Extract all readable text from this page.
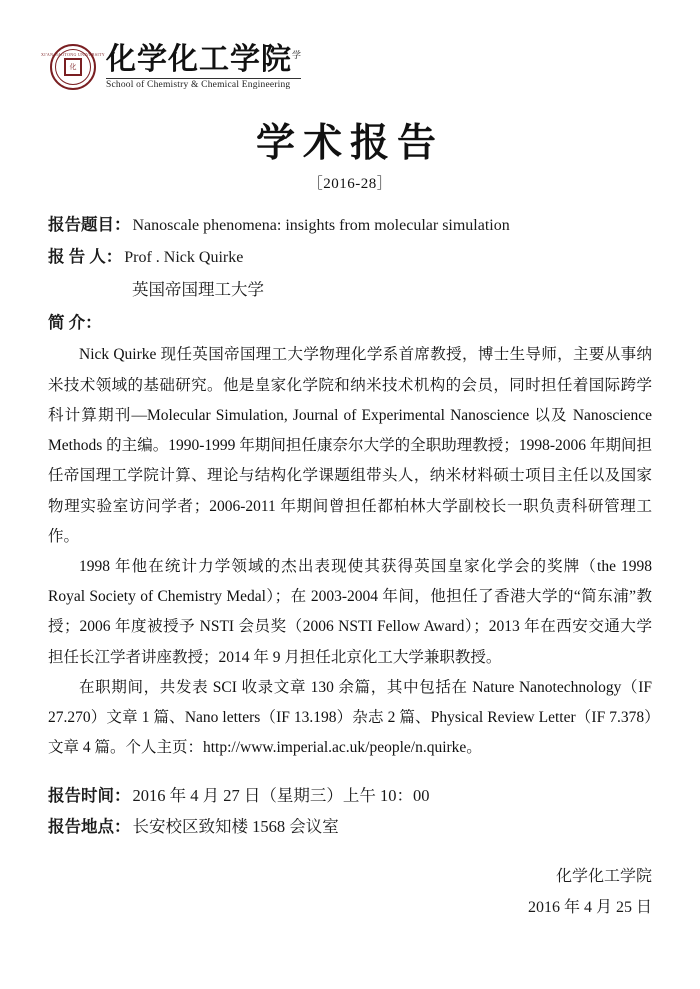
XI'AN JIAOTONG UNIVERSITY
化 化学化工学院$^学$
School of Chemistry & Chemical Engineering
学术报告
［2016-28］
报告题目： Nanoscale phenomena: insights from molecular simulation
报 告 人： Prof . Nick Quirke
英国帝国理工大学
简 介：

Nick Quirke 现任英国帝国理工大学物理化学系首席教授，博士生导师，主要从事纳米技术领域的基础研究。他是皇家化学院和纳米技术机构的会员，同时担任着国际跨学科计算期刊—Molecular Simulation, Journal of Experimental Nanoscience 以及 Nanoscience Methods 的主编。1990-1999 年期间担任康奈尔大学的全职助理教授；1998-2006 年期间担任帝国理工学院计算、理论与结构化学课题组带头人，纳米材料硕士项目主任以及国家物理实验室访问学者；2006-2011 年期间曾担任都柏林大学副校长一职负责科研管理工作。

1998 年他在统计力学领域的杰出表现使其获得英国皇家化学会的奖牌（the 1998 Royal Society of Chemistry Medal）；在 2003-2004 年间，他担任了香港大学的“简东浦”教授；2006 年度被授予 NSTI 会员奖（2006 NSTI Fellow Award）；2013 年在西安交通大学担任长江学者讲座教授；2014 年 9 月担任北京化工大学兼职教授。

在职期间，共发表 SCI 收录文章 130 余篇，其中包括在 Nature Nanotechnology（IF 27.270）文章 1 篇、Nano letters（IF 13.198）杂志 2 篇、Physical Review Letter（IF 7.378）文章 4 篇。个人主页：http://www.imperial.ac.uk/people/n.quirke。

报告时间： 2016 年 4 月 27 日（星期三）上午 10：00
报告地点： 长安校区致知楼 1568 会议室
化学化工学院
2016 年 4 月 25 日
